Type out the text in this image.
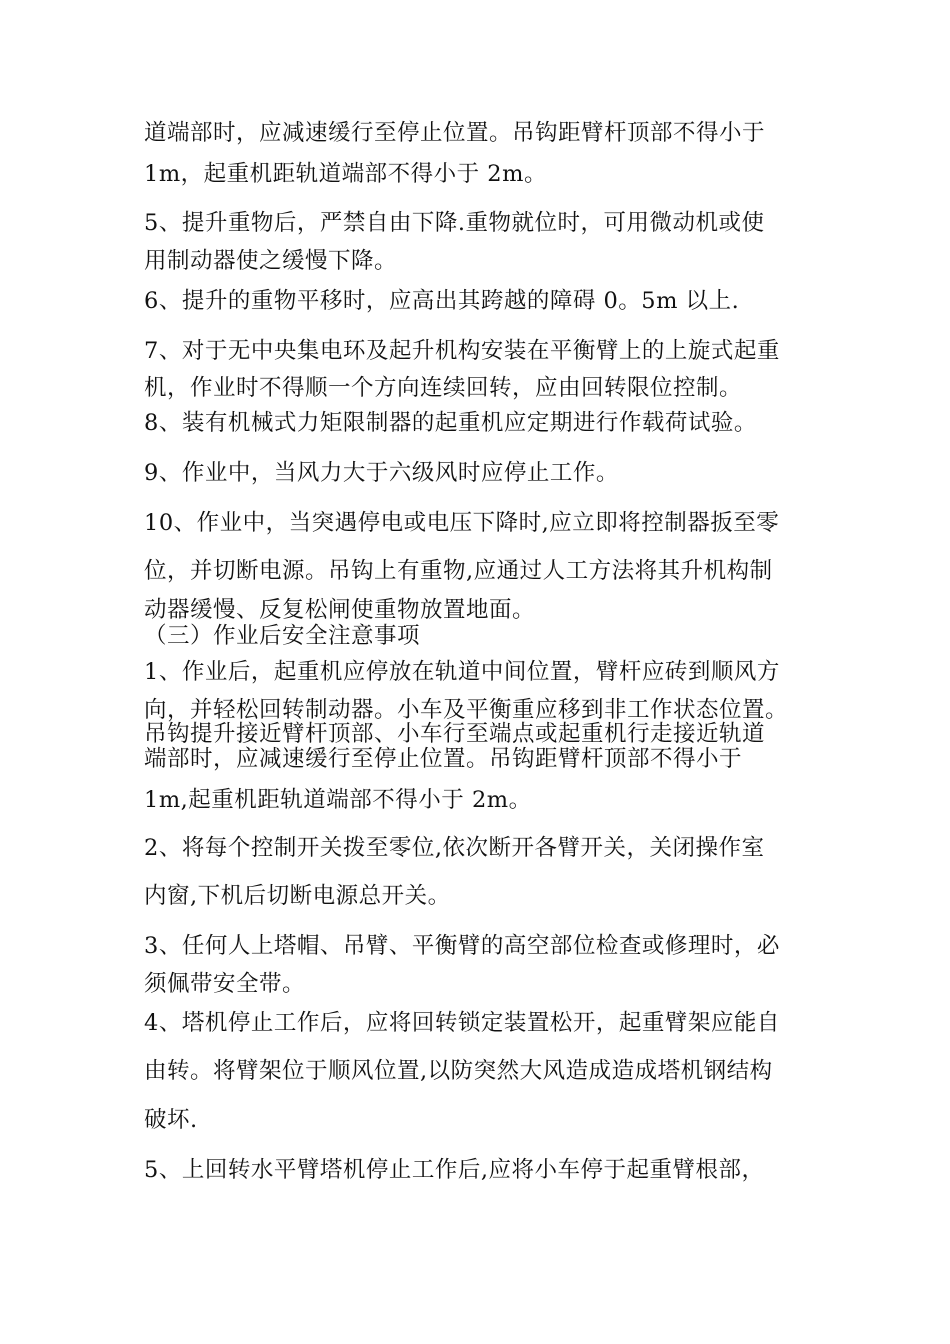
道端部时，应减速缓行至停止位置。吊钩距臂杆顶部不得小于

1m，起重机距轨道端部不得小于 2m。

5、提升重物后，严禁自由下降.重物就位时，可用微动机或使

用制动器使之缓慢下降。

6、提升的重物平移时，应高出其跨越的障碍 0。5m 以上.

7、对于无中央集电环及起升机构安装在平衡臂上的上旋式起重

机，作业时不得顺一个方向连续回转，应由回转限位控制。

8、装有机械式力矩限制器的起重机应定期进行作载荷试验。

9、作业中，当风力大于六级风时应停止工作。

10、作业中，当突遇停电或电压下降时,应立即将控制器扳至零

位，并切断电源。吊钩上有重物,应通过人工方法将其升机构制

动器缓慢、反复松闸使重物放置地面。

（三）作业后安全注意事项

1、作业后，起重机应停放在轨道中间位置，臂杆应砖到顺风方

向，并轻松回转制动器。小车及平衡重应移到非工作状态位置。

吊钩提升接近臂杆顶部、小车行至端点或起重机行走接近轨道

端部时，应减速缓行至停止位置。吊钩距臂杆顶部不得小于

1m,起重机距轨道端部不得小于 2m。

2、将每个控制开关拨至零位,依次断开各臂开关，关闭操作室

内窗,下机后切断电源总开关。

3、任何人上塔帽、吊臂、平衡臂的高空部位检查或修理时，必

须佩带安全带。

4、塔机停止工作后，应将回转锁定装置松开，起重臂架应能自

由转。将臂架位于顺风位置,以防突然大风造成造成塔机钢结构

破坏.

5、上回转水平臂塔机停止工作后,应将小车停于起重臂根部，
